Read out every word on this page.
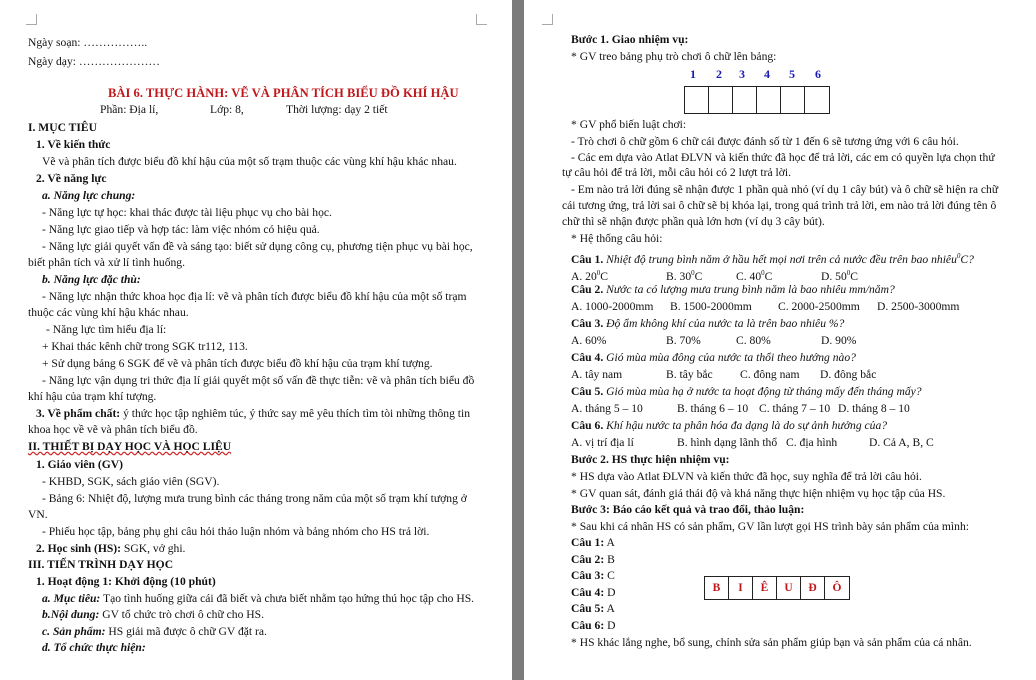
Ngày soạn: ……………..
Ngày dạy: …………………
BÀI 6. THỰC HÀNH: VẼ VÀ PHÂN TÍCH BIỂU ĐỒ KHÍ HẬU
Phần: Địa lí,	Lớp: 8,	Thời lượng: dạy 2 tiết
I. MỤC TIÊU
1. Về kiến thức
Vẽ và phân tích được biểu đồ khí hậu của một số trạm thuộc các vùng khí hậu khác nhau.
2. Về năng lực
a. Năng lực chung:
- Năng lực tự học: khai thác được tài liệu phục vụ cho bài học.
- Năng lực giao tiếp và hợp tác: làm việc nhóm có hiệu quả.
- Năng lực giải quyết vấn đề và sáng tạo: biết sử dụng công cụ, phương tiện phục vụ bài học,
biết phân tích và xử lí tình huống.
b. Năng lực đặc thù:
- Năng lực nhận thức khoa học địa lí: vẽ và phân tích được biểu đồ khí hậu của một số trạm
thuộc các vùng khí hậu khác nhau.
- Năng lực tìm hiểu địa lí:
+ Khai thác kênh chữ trong SGK tr112, 113.
+ Sử dụng bảng 6 SGK để vẽ và phân tích được biểu đồ khí hậu của trạm khí tượng.
- Năng lực vận dụng tri thức địa lí giải quyết một số vấn đề thực tiễn: vẽ và phân tích biểu đồ
khí hậu của trạm khí tượng.
3. Về phẩm chất: ý thức học tập nghiêm túc, ý thức say mê yêu thích tìm tòi những thông tin
khoa học về vẽ và phân tích biểu đồ.
II. THIẾT BỊ DẠY HỌC VÀ HỌC LIỆU
1. Giáo viên (GV)
- KHBD, SGK, sách giáo viên (SGV).
- Bảng 6: Nhiệt độ, lượng mưa trung bình các tháng trong năm của một số trạm khí tượng ở
VN.
- Phiếu học tập, bảng phụ ghi câu hỏi thảo luận nhóm và bảng nhóm cho HS trả lời.
2. Học sinh (HS): SGK, vở ghi.
III. TIẾN TRÌNH DẠY HỌC
1. Hoạt động 1: Khởi động (10 phút)
a. Mục tiêu: Tạo tình huống giữa cái đã biết và chưa biết nhằm tạo hứng thú học tập cho HS.
b.Nội dung: GV tổ chức trò chơi ô chữ cho HS.
c. Sản phẩm: HS giải mã được ô chữ GV đặt ra.
d. Tổ chức thực hiện:
Bước 1. Giao nhiệm vụ:
* GV treo bảng phụ trò chơi ô chữ lên bảng:
1 2 3 4 5 6
* GV phổ biến luật chơi:
- Trò chơi ô chữ gồm 6 chữ cái được đánh số từ 1 đến 6 sẽ tương ứng với 6 câu hỏi.
- Các em dựa vào Atlat ĐLVN và kiến thức đã học để trả lời, các em có quyền lựa chọn thứ
tự câu hỏi để trả lời, mỗi câu hỏi có 2 lượt trả lời.
- Em nào trả lời đúng sẽ nhận được 1 phần quà nhỏ (ví dụ 1 cây bút) và ô chữ sẽ hiện ra chữ
cái tương ứng, trả lời sai ô chữ sẽ bị khóa lại, trong quá trình trả lời, em nào trả lời đúng tên ô
chữ thì sẽ nhận được phần quà lớn hơn (ví dụ 3 cây bút).
* Hệ thống câu hỏi:
Câu 1. Nhiệt độ trung bình năm ở hầu hết mọi nơi trên cả nước đều trên bao nhiêu$^0$C?
A. $20^0C$	B. $30^0C$	C. $40^0C$	D. $50^0C$
Câu 2. Nước ta có lượng mưa trung bình năm là bao nhiêu mm/năm?
A. 1000-2000mm B. 1500-2000mm C. 2000-2500mm D. 2500-3000mm
Câu 3. Độ ẩm không khí của nước ta là trên bao nhiêu %?
A. 60%	B. 70%	C. 80%	D. 90%
Câu 4. Gió mùa mùa đông của nước ta thổi theo hướng nào?
A. tây nam	B. tây bắc C. đông nam D. đông bắc
Câu 5. Gió mùa mùa hạ ở nước ta hoạt động từ tháng mấy đến tháng mấy?
A. tháng 5 – 10	B. tháng 6 – 10 C. tháng 7 – 10 D. tháng 8 – 10
Câu 6. Khí hậu nước ta phân hóa đa dạng là do sự ảnh hưởng của?
A. vị trí địa lí	B. hình dạng lãnh thổ C. địa hình	D. Cả A, B, C
Bước 2. HS thực hiện nhiệm vụ:
* HS dựa vào Atlat ĐLVN và kiến thức đã học, suy nghĩa để trả lời câu hỏi.
* GV quan sát, đánh giá thái độ và khả năng thực hiện nhiệm vụ học tập của HS.
Bước 3: Báo cáo kết quả và trao đổi, thảo luận:
* Sau khi cá nhân HS có sản phẩm, GV lần lượt gọi HS trình bày sản phẩm của mình:
Câu 1: A
Câu 2: B
Câu 3: C
Câu 4: D
Câu 5: A
Câu 6: D
B	I	Ê	U	Đ	Ô
* HS khác lắng nghe, bổ sung, chỉnh sửa sản phẩm giúp bạn và sản phẩm của cá nhân.
